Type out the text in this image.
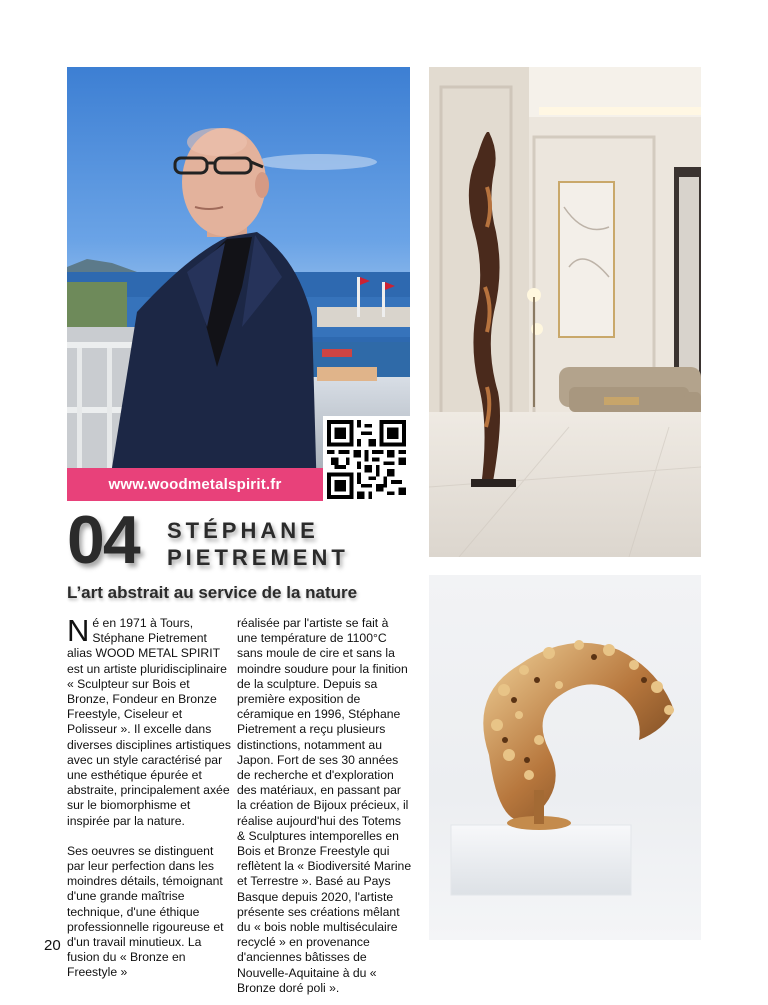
www.woodmetalspirit.fr
04 STÉPHANE
PIETREMENT
L’art abstrait au service de la nature

Né en 1971 à Tours, Stéphane Pietrement alias WOOD METAL SPIRIT est un artiste pluridisciplinaire « Sculpteur sur Bois et Bronze, Fondeur en Bronze Freestyle, Ciseleur et Polisseur ». Il excelle dans diverses disciplines artistiques avec un style caractérisé par une esthétique épurée et abstraite, principalement axée sur le biomorphisme et inspirée par la nature.

Ses oeuvres se distinguent par leur perfection dans les moindres détails, témoignant d'une grande maîtrise technique, d'une éthique professionnelle rigoureuse et d'un travail minutieux. La fusion du « Bronze en Freestyle »

réalisée par l'artiste se fait à une température de 1100°C sans moule de cire et sans la moindre soudure pour la finition de la sculpture. Depuis sa première exposition de céramique en 1996, Stéphane Pietrement a reçu plusieurs distinctions, notamment au Japon. Fort de ses 30 années de recherche et d'exploration des matériaux, en passant par la création de Bijoux précieux, il réalise aujourd'hui des Totems & Sculptures intemporelles en Bois et Bronze Freestyle qui reflètent la « Biodiversité Marine et Terrestre ». Basé au Pays Basque depuis 2020, l'artiste présente ses créations mêlant du « bois noble multiséculaire recyclé » en provenance d'anciennes bâtisses de Nouvelle-Aquitaine à du « Bronze doré poli ».

20
